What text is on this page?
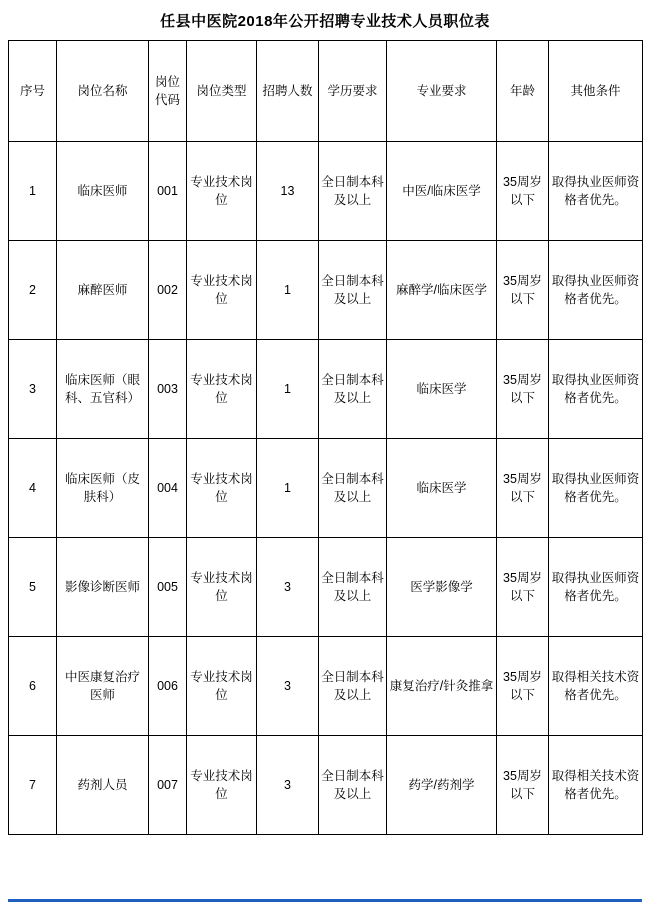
任县中医院2018年公开招聘专业技术人员职位表
序号	岗位名称	岗位代码	岗位类型	招聘人数	学历要求	专业要求	年龄	其他条件
1	临床医师	001	专业技术岗位	13	全日制本科及以上	中医/临床医学	35周岁以下	取得执业医师资格者优先。
2	麻醉医师	002	专业技术岗位	1	全日制本科及以上	麻醉学/临床医学	35周岁以下	取得执业医师资格者优先。
3	临床医师（眼科、五官科）	003	专业技术岗位	1	全日制本科及以上	临床医学	35周岁以下	取得执业医师资格者优先。
4	临床医师（皮肤科）	004	专业技术岗位	1	全日制本科及以上	临床医学	35周岁以下	取得执业医师资格者优先。
5	影像诊断医师	005	专业技术岗位	3	全日制本科及以上	医学影像学	35周岁以下	取得执业医师资格者优先。
6	中医康复治疗医师	006	专业技术岗位	3	全日制本科及以上	康复治疗/针灸推拿	35周岁以下	取得相关技术资格者优先。
7	药剂人员	007	专业技术岗位	3	全日制本科及以上	药学/药剂学	35周岁以下	取得相关技术资格者优先。
